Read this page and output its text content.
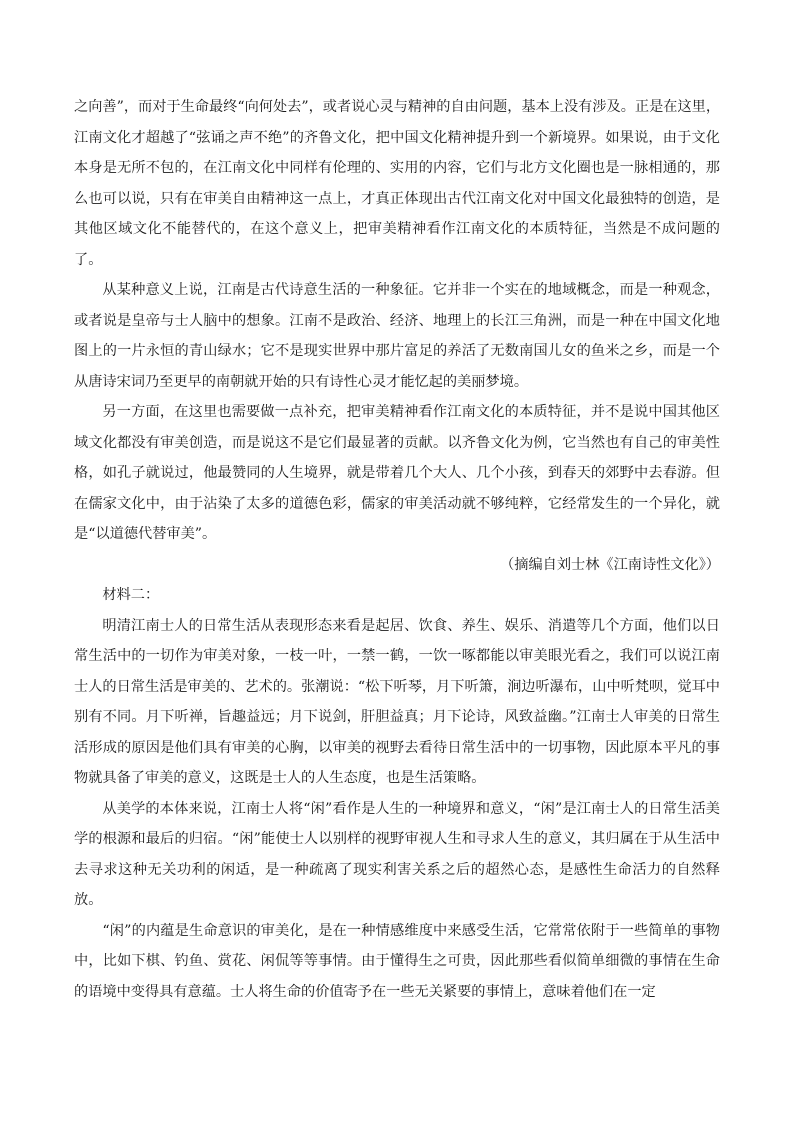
之向善”，而对于生命最终“向何处去”，或者说心灵与精神的自由问题，基本上没有涉及。正是在这里，江南文化才超越了“弦诵之声不绝”的齐鲁文化，把中国文化精神提升到一个新境界。如果说，由于文化本身是无所不包的，在江南文化中同样有伦理的、实用的内容，它们与北方文化圈也是一脉相通的，那么也可以说，只有在审美自由精神这一点上，才真正体现出古代江南文化对中国文化最独特的创造，是其他区域文化不能替代的，在这个意义上，把审美精神看作江南文化的本质特征，当然是不成问题的了。

从某种意义上说，江南是古代诗意生活的一种象征。它并非一个实在的地域概念，而是一种观念，或者说是皇帝与士人脑中的想象。江南不是政治、经济、地理上的长江三角洲，而是一种在中国文化地图上的一片永恒的青山绿水；它不是现实世界中那片富足的养活了无数南国儿女的鱼米之乡，而是一个从唐诗宋词乃至更早的南朝就开始的只有诗性心灵才能忆起的美丽梦境。

另一方面，在这里也需要做一点补充，把审美精神看作江南文化的本质特征，并不是说中国其他区域文化都没有审美创造，而是说这不是它们最显著的贡献。以齐鲁文化为例，它当然也有自己的审美性格，如孔子就说过，他最赞同的人生境界，就是带着几个大人、几个小孩，到春天的郊野中去春游。但在儒家文化中，由于沾染了太多的道德色彩，儒家的审美活动就不够纯粹，它经常发生的一个异化，就是“以道德代替审美”。

（摘编自刘士林《江南诗性文化》）

材料二：

明清江南士人的日常生活从表现形态来看是起居、饮食、养生、娱乐、消遣等几个方面，他们以日常生活中的一切作为审美对象，一枝一叶，一禁一鹤，一饮一啄都能以审美眼光看之，我们可以说江南士人的日常生活是审美的、艺术的。张潮说：“松下听琴，月下听箫，涧边听瀑布，山中听梵呗，觉耳中别有不同。月下听禅，旨趣益远；月下说剑，肝胆益真；月下论诗，风致益幽。”江南士人审美的日常生活形成的原因是他们具有审美的心胸，以审美的视野去看待日常生活中的一切事物，因此原本平凡的事物就具备了审美的意义，这既是士人的人生态度，也是生活策略。

从美学的本体来说，江南士人将“闲”看作是人生的一种境界和意义，“闲”是江南士人的日常生活美学的根源和最后的归宿。“闲”能使士人以别样的视野审视人生和寻求人生的意义，其归属在于从生活中去寻求这种无关功利的闲适，是一种疏离了现实利害关系之后的超然心态，是感性生命活力的自然释放。

“闲”的内蕴是生命意识的审美化，是在一种情感维度中来感受生活，它常常依附于一些简单的事物中，比如下棋、钓鱼、赏花、闲侃等等事情。由于懂得生之可贵，因此那些看似简单细微的事情在生命的语境中变得具有意蕴。士人将生命的价值寄予在一些无关紧要的事情上，意味着他们在一定
